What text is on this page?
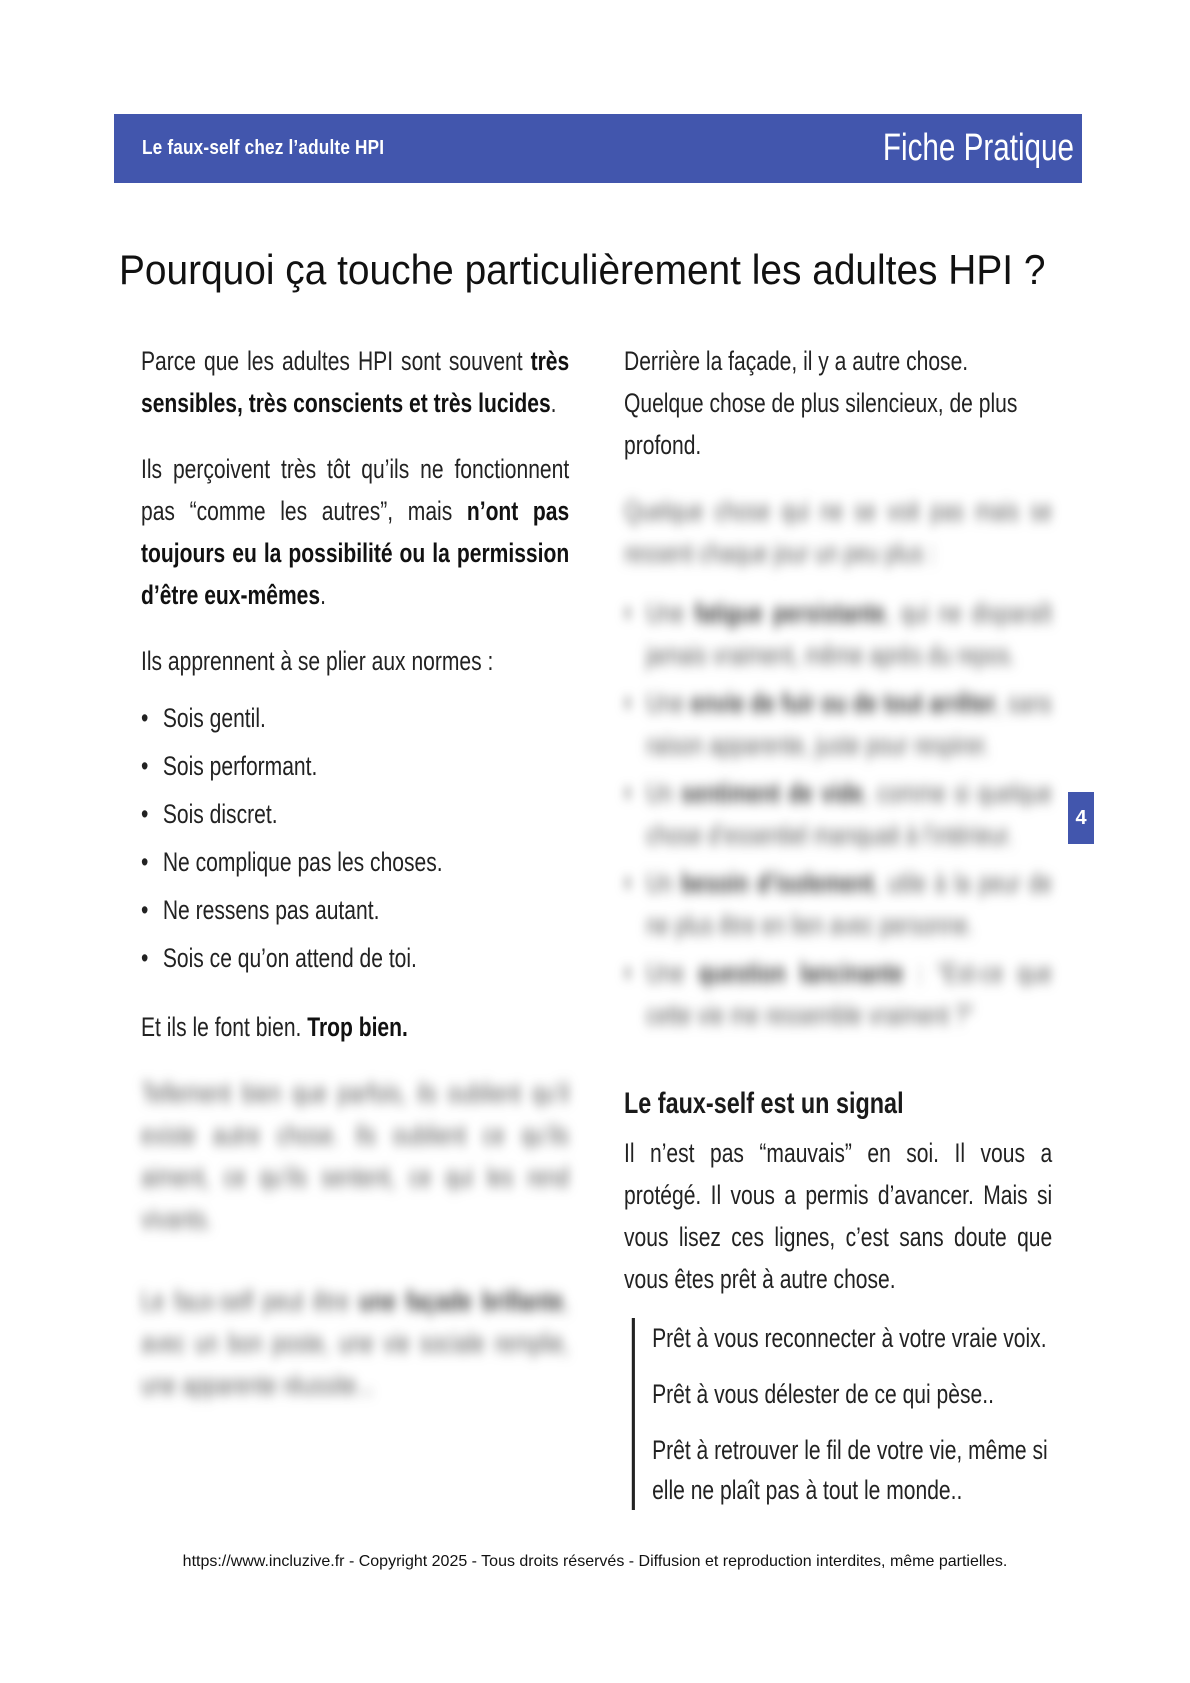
Le faux-self chez l’adulte HPI	Fiche Pratique
Pourquoi ça touche particulièrement les adultes HPI ?

Parce que les adultes HPI sont souvent très sensibles, très conscients et très lucides.

Ils perçoivent très tôt qu’ils ne fonctionnent pas “comme les autres”, mais n’ont pas toujours eu la possibilité ou la permission d’être eux-mêmes.

Ils apprennent à se plier aux normes :

• Sois gentil.
• Sois performant.
• Sois discret.
• Ne complique pas les choses.
• Ne ressens pas autant.
• Sois ce qu’on attend de toi.

Et ils le font bien. Trop bien.

Tellement bien que parfois, ils oublient qu’il existe autre chose. Ils oublient ce qu’ils aiment, ce qu’ils sentent, ce qui les rend vivants.

Le faux-self peut être une façade brillante, avec un bon poste, une vie sociale remplie, une apparente réussite...

Derrière la façade, il y a autre chose. Quelque chose de plus silencieux, de plus profond.

Quelque chose qui ne se voit pas mais se ressent chaque jour un peu plus :

• Une fatigue persistante, qui ne disparaît jamais vraiment, même après du repos.
• Une envie de fuir ou de tout arrêter, sans raison apparente, juste pour respirer.
• Un sentiment de vide, comme si quelque chose d’essentiel manquait à l’intérieur.
• Un besoin d’isolement, utile à la peur de ne plus être en lien avec personne.
• Une question lancinante : “Est-ce que cette vie me ressemble vraiment ?”
Le faux-self est un signal

Il n’est pas “mauvais” en soi. Il vous a protégé. Il vous a permis d’avancer. Mais si vous lisez ces lignes, c’est sans doute que vous êtes prêt à autre chose.

Prêt à vous reconnecter à votre vraie voix.

Prêt à vous délester de ce qui pèse..

Prêt à retrouver le fil de votre vie, même si elle ne plaît pas à tout le monde..

4
https://www.incluzive.fr - Copyright 2025 - Tous droits réservés - Diffusion et reproduction interdites, même partielles.
